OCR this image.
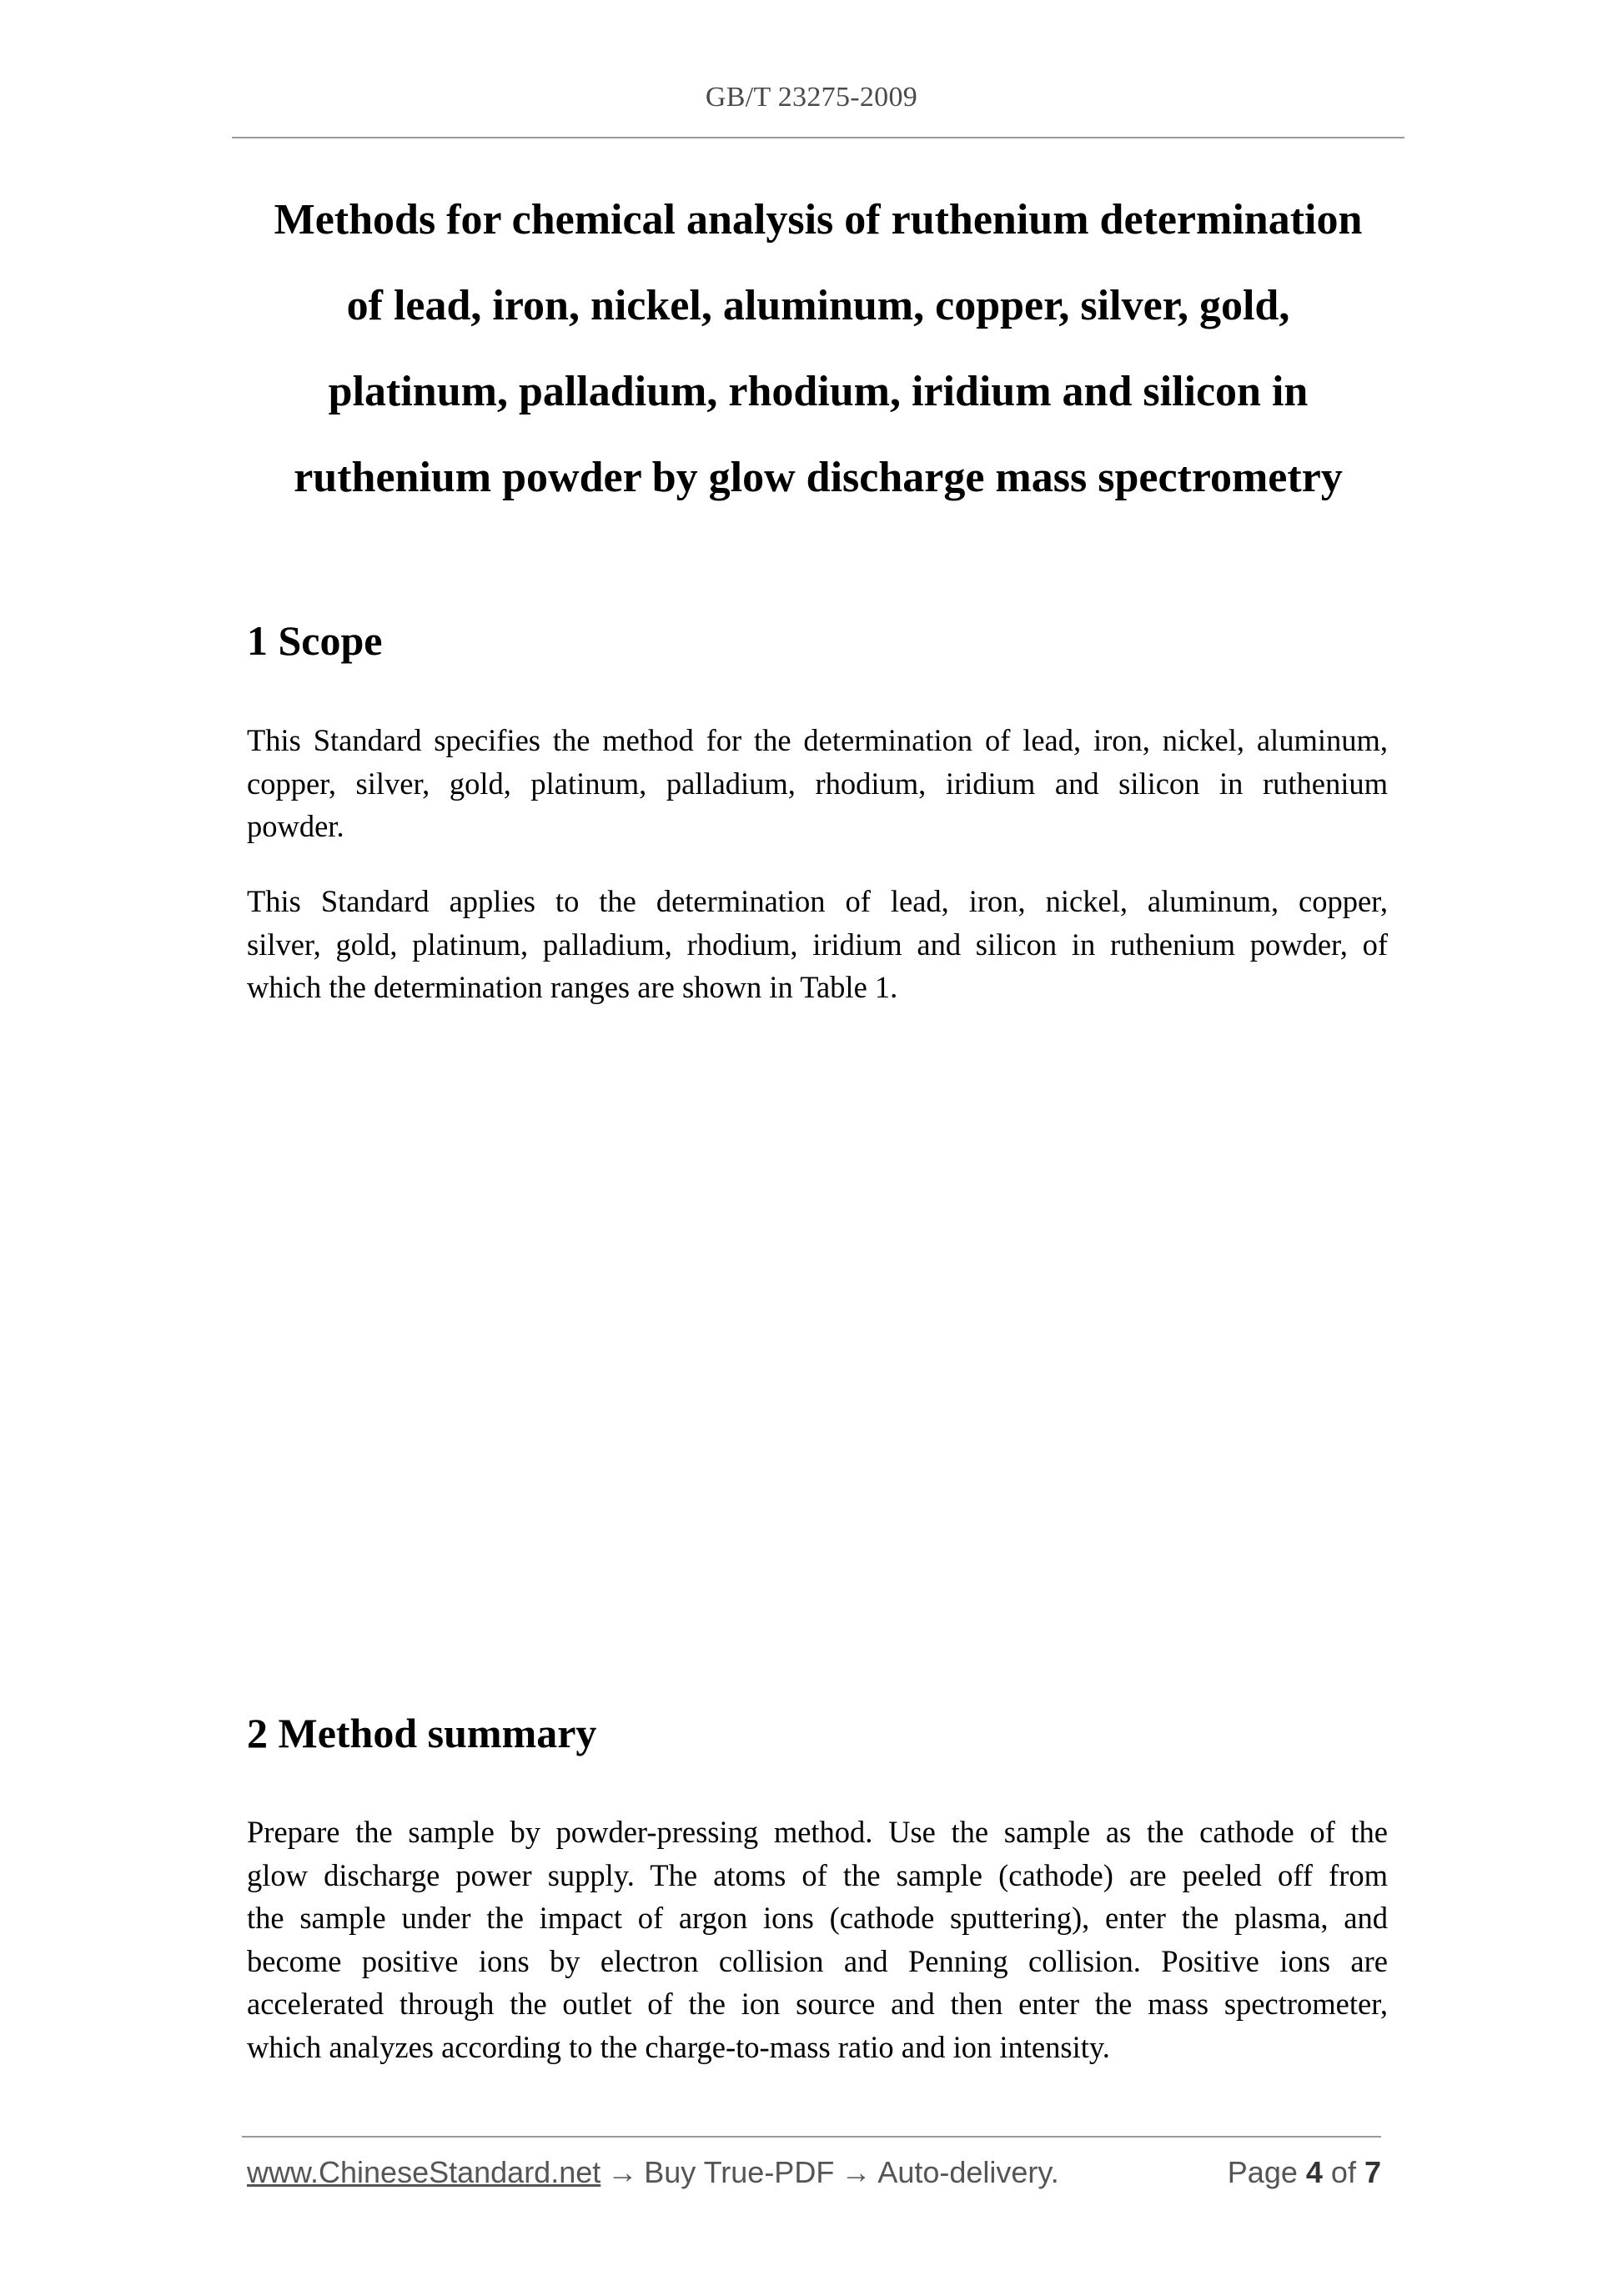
GB/T 23275-2009
Methods for chemical analysis of ruthenium determination
of lead, iron, nickel, aluminum, copper, silver, gold,
platinum, palladium, rhodium, iridium and silicon in
ruthenium powder by glow discharge mass spectrometry
1 Scope
This Standard specifies the method for the determination of lead, iron, nickel, aluminum,
copper, silver, gold, platinum, palladium, rhodium, iridium and silicon in ruthenium
powder.
This Standard applies to the determination of lead, iron, nickel, aluminum, copper,
silver, gold, platinum, palladium, rhodium, iridium and silicon in ruthenium powder, of
which the determination ranges are shown in Table 1.
2 Method summary
Prepare the sample by powder-pressing method. Use the sample as the cathode of the
glow discharge power supply. The atoms of the sample (cathode) are peeled off from
the sample under the impact of argon ions (cathode sputtering), enter the plasma, and
become positive ions by electron collision and Penning collision. Positive ions are
accelerated through the outlet of the ion source and then enter the mass spectrometer,
which analyzes according to the charge-to-mass ratio and ion intensity.
www.ChineseStandard.net → Buy True-PDF → Auto-delivery.	Page 4 of 7
